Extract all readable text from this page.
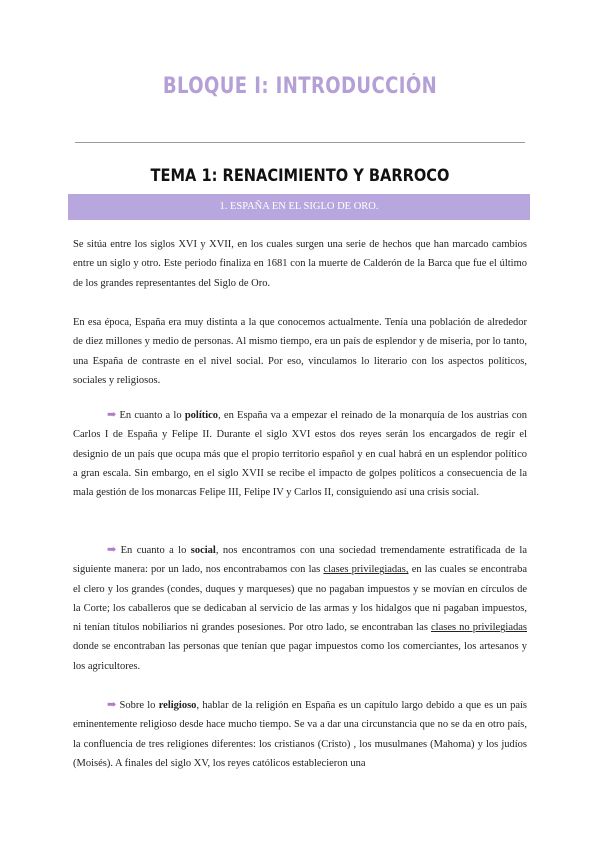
BLOQUE I: INTRODUCCIÓN
TEMA 1: RENACIMIENTO Y BARROCO
1. ESPAÑA EN EL SIGLO DE ORO.

Se sitúa entre los siglos XVI y XVII, en los cuales surgen una serie de hechos que han marcado cambios entre un siglo y otro. Este periodo finaliza en 1681 con la muerte de Calderón de la Barca que fue el último de los grandes representantes del Siglo de Oro.

En esa época, España era muy distinta a la que conocemos actualmente. Tenía una población de alrededor de diez millones y medio de personas. Al mismo tiempo, era un país de esplendor y de miseria, por lo tanto, una España de contraste en el nivel social. Por eso, vinculamos lo literario con los aspectos políticos, sociales y religiosos.

➡ En cuanto a lo político, en España va a empezar el reinado de la monarquía de los austrias con Carlos I de España y Felipe II. Durante el siglo XVI estos dos reyes serán los encargados de regir el designio de un país que ocupa más que el propio territorio español y en cual habrá en un esplendor político a gran escala. Sin embargo, en el siglo XVII se recibe el impacto de golpes políticos a consecuencia de la mala gestión de los monarcas Felipe III, Felipe IV y Carlos II, consiguiendo así una crisis social.

➡ En cuanto a lo social, nos encontramos con una sociedad tremendamente estratificada de la siguiente manera: por un lado, nos encontrabamos con las clases privilegiadas, en las cuales se encontraba el clero y los grandes (condes, duques y marqueses) que no pagaban impuestos y se movían en círculos de la Corte; los caballeros que se dedicaban al servicio de las armas y los hidalgos que ni pagaban impuestos, ni tenían títulos nobiliarios ni grandes posesiones. Por otro lado, se encontraban las clases no privilegiadas donde se encontraban las personas que tenían que pagar impuestos como los comerciantes, los artesanos y los agricultores.

➡ Sobre lo religioso, hablar de la religión en España es un capítulo largo debido a que es un país eminentemente religioso desde hace mucho tiempo. Se va a dar una circunstancia que no se da en otro país, la confluencia de tres religiones diferentes: los cristianos (Cristo) , los musulmanes (Mahoma) y los judíos (Moisés). A finales del siglo XV, los reyes católicos establecieron una
